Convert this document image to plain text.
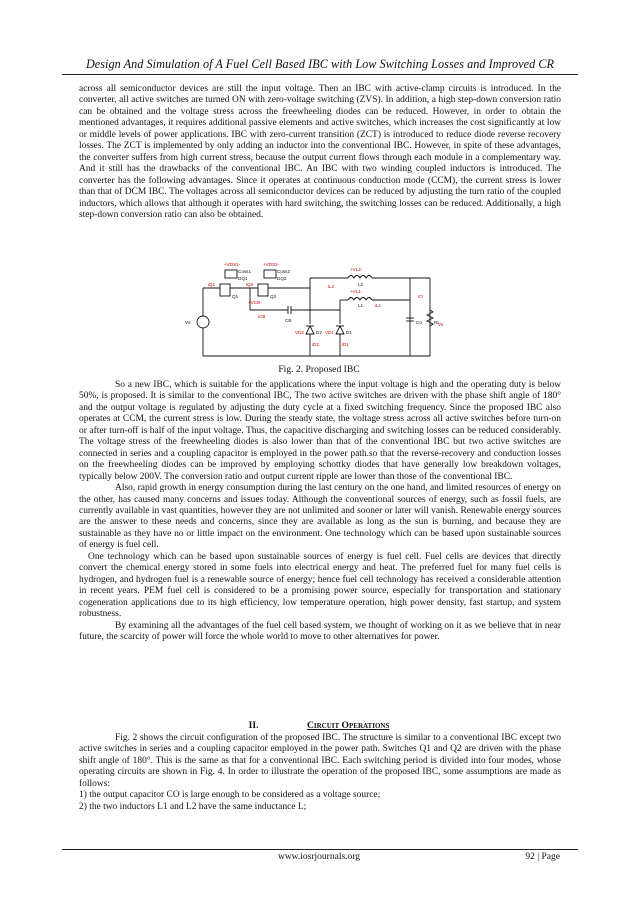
Design And Simulation of A Fuel Cell Based IBC with Low Switching Losses and Improved CR

across all semiconductor devices are still the input voltage. Then an IBC with active-clamp circuits is introduced. In the converter, all active switches are turned ON with zero-voltage switching (ZVS). In addition, a high step-down conversion ratio can be obtained and the voltage stress across the freewheeling diodes can be reduced. However, in order to obtain the mentioned advantages, it requires additional passive elements and active switches, which increases the cost significantly at low or middle levels of power applications. IBC with zero-current transition (ZCT) is introduced to reduce diode reverse recovery losses. The ZCT is implemented by only adding an inductor into the conventional IBC. However, in spite of these advantages, the converter suffers from high current stress, because the output current flows through each module in a complementary way. And it still has the drawbacks of the conventional IBC. An IBC with two winding coupled inductors is introduced. The converter has the following advantages. Since it operates at continuous conduction mode (CCM), the current stress is lower than that of DCM IBC. The voltages across all semiconductor devices can be reduced by adjusting the turn ratio of the coupled inductors, which allows that although it operates with hard switching, the switching losses can be reduced. Additionally, a high step-down conversion ratio can also be obtained.

+VDS1-	+VDS2-
+VCB-
+VL2-
+VL1-
VD2	VD1
iQ1	iQ2
iCB
iL2
iL1
iD2	iD1
IO
Vo
Vs
Coss1	Coss2
DQ1	DQ2
Q1	Q2
CB
L2
L1
D2	D1
Co	RL
Fig. 2. Proposed IBC

So a new IBC, which is suitable for the applications where the input voltage is high and the operating duty is below 50%, is proposed. It is similar to the conventional IBC, The two active switches are driven with the phase shift angle of 180° and the output voltage is regulated by adjusting the duty cycle at a fixed switching frequency. Since the proposed IBC also operates at CCM, the current stress is low. During the steady state, the voltage stress across all active switches before turn-on or after turn-off is half of the input voltage. Thus, the capacitive discharging and switching losses can be reduced considerably. The voltage stress of the freewheeling diodes is also lower than that of the conventional IBC but two active switches are connected in series and a coupling capacitor is employed in the power path.so that the reverse-recovery and conduction losses on the freewheeling diodes can be improved by employing schottky diodes that have generally low breakdown voltages, typically below 200V. The conversion ratio and output current ripple are lower than those of the conventional IBC.

Also, rapid growth in energy consumption during the last century on the one hand, and limited resources of energy on the other, has caused many concerns and issues today. Although the conventional sources of energy, such as fossil fuels, are currently available in vast quantities, however they are not unlimited and sooner or later will vanish. Renewable energy sources are the answer to these needs and concerns, since they are available as long as the sun is burning, and because they are sustainable as they have no or little impact on the environment. One technology which can be based upon sustainable sources of energy is fuel cell.

One technology which can be based upon sustainable sources of energy is fuel cell. Fuel cells are devices that directly convert the chemical energy stored in some fuels into electrical energy and heat. The preferred fuel for many fuel cells is hydrogen, and hydrogen fuel is a renewable source of energy; hence fuel cell technology has received a considerable attention in recent years. PEM fuel cell is considered to be a promising power source, especially for transportation and stationary cogeneration applications due to its high efficiency, low temperature operation, high power density, fast startup, and system robustness.

By examining all the advantages of the fuel cell based system, we thought of working on it as we believe that in near future, the scarcity of power will force the whole world to move to other alternatives for power.

II.	Circuit Operations

Fig. 2 shows the circuit configuration of the proposed IBC. The structure is similar to a conventional IBC except two active switches in series and a coupling capacitor employed in the power path. Switches Q1 and Q2 are driven with the phase shift angle of 180°. This is the same as that for a conventional IBC. Each switching period is divided into four modes, whose operating circuits are shown in Fig. 4. In order to illustrate the operation of the proposed IBC, some assumptions are made as follows:

1) the output capacitor CO is large enough to be considered as a voltage source;

2) the two inductors L1 and L2 have the same inductance L;

www.iosrjournals.org	92 | Page
